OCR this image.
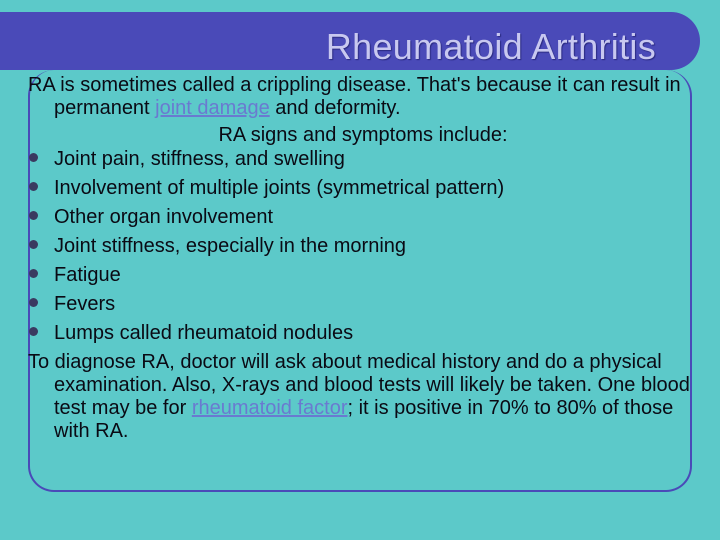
Rheumatoid Arthritis

RA is sometimes called a crippling disease. That's because it can result in permanent joint damage and deformity.

RA signs and symptoms include:

Joint pain, stiffness, and swelling
Involvement of multiple joints (symmetrical pattern)
Other organ involvement
Joint stiffness, especially in the morning
Fatigue
Fevers
Lumps called rheumatoid nodules

To diagnose RA, doctor will ask about medical history and do a physical examination. Also, X-rays and blood tests will likely be taken. One blood test may be for rheumatoid factor; it is positive in 70% to 80% of those with RA.
